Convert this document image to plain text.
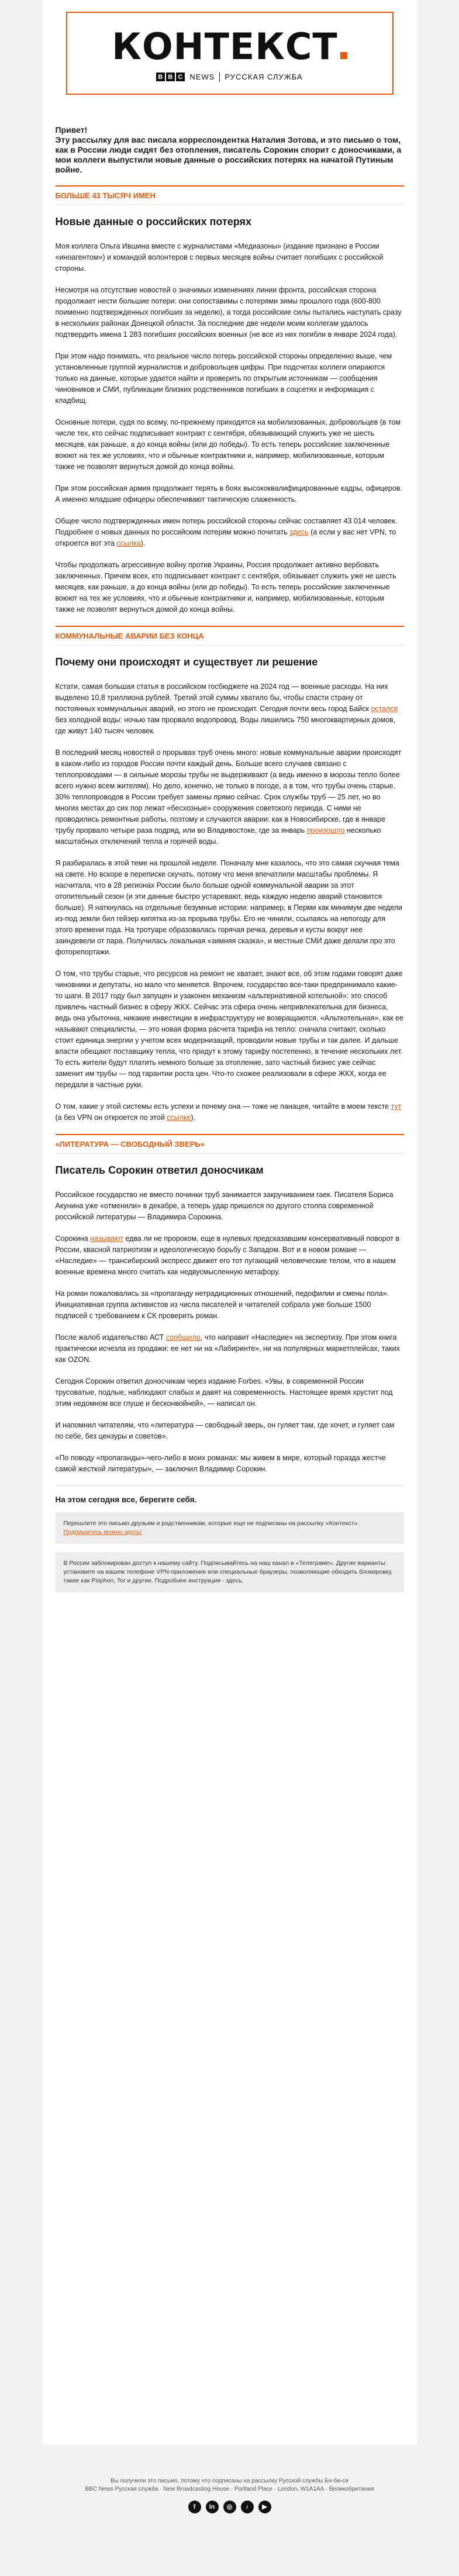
КОНТЕКСТ
B B C NEWS РУССКАЯ СЛУЖБА
Привет!
Эту рассылку для вас писала корреспондентка Наталия Зотова, и это письмо о том, как в России люди сидят без отопления, писатель Сорокин спорит с доносчиками, а мои коллеги выпустили новые данные о российских потерях на начатой Путиным войне.
БОЛЬШЕ 43 ТЫСЯЧ ИМЕН
Новые данные о российских потерях

Моя коллега Ольга Ившина вместе с журналистами «Медиазоны» (издание признано в России «иноагентом») и командой волонтеров с первых месяцев войны считает погибших с российской стороны.

Несмотря на отсутствие новостей о значимых изменениях линии фронта, российская сторона продолжает нести большие потери: они сопоставимы с потерями зимы прошлого года (600-800 поименно подтвержденных погибших за неделю), а тогда российские силы пытались наступать сразу в нескольких районах Донецкой области. За последние две недели моим коллегам удалось подтвердить имена 1 283 погибших российских военных (не все из них погибли в январе 2024 года).

При этом надо понимать, что реальное число потерь российской стороны определенно выше, чем установленные группой журналистов и добровольцев цифры. При подсчетах коллеги опираются только на данные, которые удается найти и проверить по открытым источникам — сообщения чиновников и СМИ, публикации близких родственников погибших в соцсетях и информация с кладбищ.

Основные потери, судя по всему, по-прежнему приходятся на мобилизованных, добровольцев (в том числе тех, кто сейчас подписывает контракт с сентября, обязывающий служить уже не шесть месяцев, как раньше, а до конца войны (или до победы). То есть теперь российские заключенные воюют на тех же условиях, что и обычные контрактники и, например, мобилизованные, которым также не позволят вернуться домой до конца войны.

При этом российская армия продолжает терять в боях высококвалифицированные кадры, офицеров. А именно младшие офицеры обеспечивают тактическую слаженность.

Общее число подтвержденных имен потерь российской стороны сейчас составляет 43 014 человек. Подробнее о новых данных по российским потерям можно почитать здесь (а если у вас нет VPN, то откроется вот эта ссылка).

Чтобы продолжать агрессивную войну против Украины, Россия продолжает активно вербовать заключенных. Причем всех, кто подписывает контракт с сентября, обязывает служить уже не шесть месяцев, как раньше, а до конца войны (или до победы). То есть теперь российские заключенные воюют на тех же условиях, что и обычные контрактники и, например, мобилизованные, которым также не позволят вернуться домой до конца войны.

КОММУНАЛЬНЫЕ АВАРИИ БЕЗ КОНЦА
Почему они происходят и существует ли решение

Кстати, самая большая статья в российском госбюджете на 2024 год — военные расходы. На них выделено 10,8 триллиона рублей. Третий этой суммы хватило бы, чтобы спасти страну от постоянных коммунальных аварий, но этого не происходит. Сегодня почти весь город Байск остался без холодной воды: ночью там прорвало водопровод. Воды лишились 750 многоквартирных домов, где живут 140 тысяч человек.

В последний месяц новостей о прорывах труб очень много: новые коммунальные аварии происходят в каком-либо из городов России почти каждый день. Больше всего случаев связано с теплопроводами — в сильные морозы трубы не выдерживают (а ведь именно в морозы тепло более всего нужно всем жителям). Но дело, конечно, не только в погоде, а в том, что трубы очень старые. 30% теплопроводов в России требует замены прямо сейчас. Срок службы труб — 25 лет, но во многих местах до сих пор лежат «бесхозные» сооружения советского периода. С ними не проводились ремонтные работы, поэтому и случаются аварии: как в Новосибирске, где в январе трубу прорвало четыре раза подряд, или во Владивостоке, где за январь произошло несколько масштабных отключений тепла и горячей воды.

Я разбиралась в этой теме на прошлой неделе. Поначалу мне казалось, что это самая скучная тема на свете. Но вскоре в переписке скучать, потому что меня впечатлили масштабы проблемы. Я насчитала, что в 28 регионах России было больше одной коммунальной аварии за этот отопительный сезон (и эти данные быстро устаревают, ведь каждую неделю аварий становится больше). Я наткнулась на отдельные безумные истории: например, в Перми как минимум две недели из-под земли бил гейзер кипятка из-за прорыва трубы. Его не чинили, ссылаясь на непогоду для этого времени года. На тротуаре образовалась горячая речка, деревья и кусты вокруг нее заиндевели от пара. Получилась локальная «зимняя сказка», и местные СМИ даже делали про это фоторепортажи.

О том, что трубы старые, что ресурсов на ремонт не хватает, знают все, об этом годами говорят даже чиновники и депутаты, но мало что меняется. Впрочем, государство все-таки предпринимало какие-то шаги. В 2017 году был запущен и узаконен механизм «альтернативной котельной»: это способ привлечь частный бизнес в сферу ЖКХ. Сейчас эта сфера очень непривлекательна для бизнеса, ведь она убыточна, никакие инвестиции в инфраструктуру не возвращаются. «Альткотельная», как ее называют специалисты, — это новая форма расчета тарифа на тепло: сначала считают, сколько стоит единица энергии у учетом всех модернизаций, проводили новые трубы и так далее. И дальше власти обещают поставщику тепла, что придут к этому тарифу постепенно, в течение нескольких лет. То есть жители будут платить немного больше за отопление, зато частный бизнес уже сейчас заменит им трубы — под гарантии роста цен. Что-то схожее реализовали в сфере ЖКХ, когда ее передали в частные руки.

О том, какие у этой системы есть успехи и почему она — тоже не панацея, читайте в моем тексте тут (а без VPN он откроется по этой ссылке).

«ЛИТЕРАТУРА — СВОБОДНЫЙ ЗВЕРЬ»
Писатель Сорокин ответил доносчикам

Российское государство не вместо починки труб занимается закручиванием гаек. Писателя Бориса Акунина уже «отменили» в декабре, а теперь удар пришелся по другого столпа современной российской литературы — Владимира Сорокина.

Сорокина называют едва ли не пророком, еще в нулевых предсказавшим консервативный поворот в России, квасной патриотизм и идеологическую борьбу с Западом. Вот и в новом романе — «Наследие» — трансибирский экспресс движет его тот пугающий человеческие телом, что в нашем военные времена много считать как недвусмысленную метафору.

На роман пожаловались за «пропаганду нетрадиционных отношений, педофилии и смены пола». Инициативная группа активистов из числа писателей и читателей собрала уже больше 1500 подписей с требованием к СК проверить роман.

После жалоб издательство АСТ сообщило, что направит «Наследие» на экспертизу. При этом книга практически исчезла из продажи: ее нет ни на «Лабиринте», ни на популярных маркетплейсах, таких как OZON.

Сегодня Сорокин ответил доносчикам через издание Forbes. «Увы, в современной России трусоватые, подлые, наблюдают слабых и давят на современность. Настоящее время хрустит под этим недомном все глуше и бесконвойней», — написал он.

И напомнил читателям, что «литература — свободный зверь, он гуляет там, где хочет, и гуляет сам по себе, без цензуры и советов».

«По поводу «пропаганды»-чего-либо в моих романах: мы живем в мире, который горазда жестче самой жесткой литературы», — заключил Владимир Сорокин.

На этом сегодня все, берегите себя.
Перешлите это письмо друзьям и родственникам, которые еще не подписаны на рассылку «Контекст».
Подпишитесь можно здесь!
В России заблокирован доступ к нашему сайту. Подписывайтесь на наш канал в «Телеграме». Другие варианты: установите на вашем телефоне VPN-приложения или специальные браузеры, позволяющие обходить блокировку, такие как Psiphon, Tor и другие. Подробнее инструкция - здесь.
Вы получили это письмо, потому что подписаны на рассылку Русской службы Би-би-си
BBC News Русская служба · New Broadcasting House · Portland Place · London, W1A1AA · Великобритания
f	in	◎	♪	▶
